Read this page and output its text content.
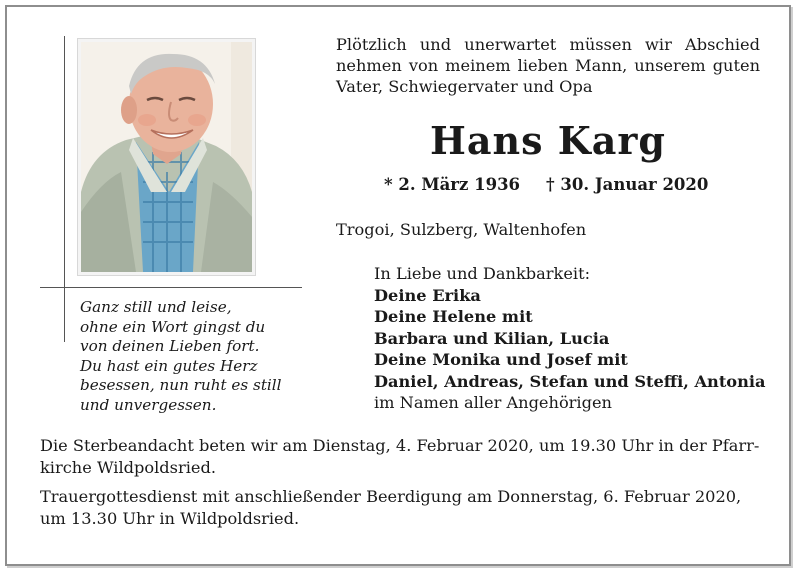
Plötzlich und unerwartet müssen wir Abschied
nehmen von meinem lieben Mann, unserem guten
Vater, Schwiegervater und Opa
Hans Karg
* 2. März 1936 † 30. Januar 2020
Trogoi, Sulzberg, Waltenhofen
In Liebe und Dankbarkeit:
Deine Erika
Deine Helene mit
Barbara und Kilian, Lucia
Deine Monika und Josef mit
Daniel, Andreas, Stefan und Steffi, Antonia
im Namen aller Angehörigen
Ganz still und leise,
ohne ein Wort gingst du
von deinen Lieben fort.
Du hast ein gutes Herz
besessen, nun ruht es still
und unvergessen.
Die Sterbeandacht beten wir am Dienstag, 4. Februar 2020, um 19.30 Uhr in der Pfarr-
kirche Wildpoldsried.
Trauergottesdienst mit anschließender Beerdigung am Donnerstag, 6. Februar 2020,
um 13.30 Uhr in Wildpoldsried.
